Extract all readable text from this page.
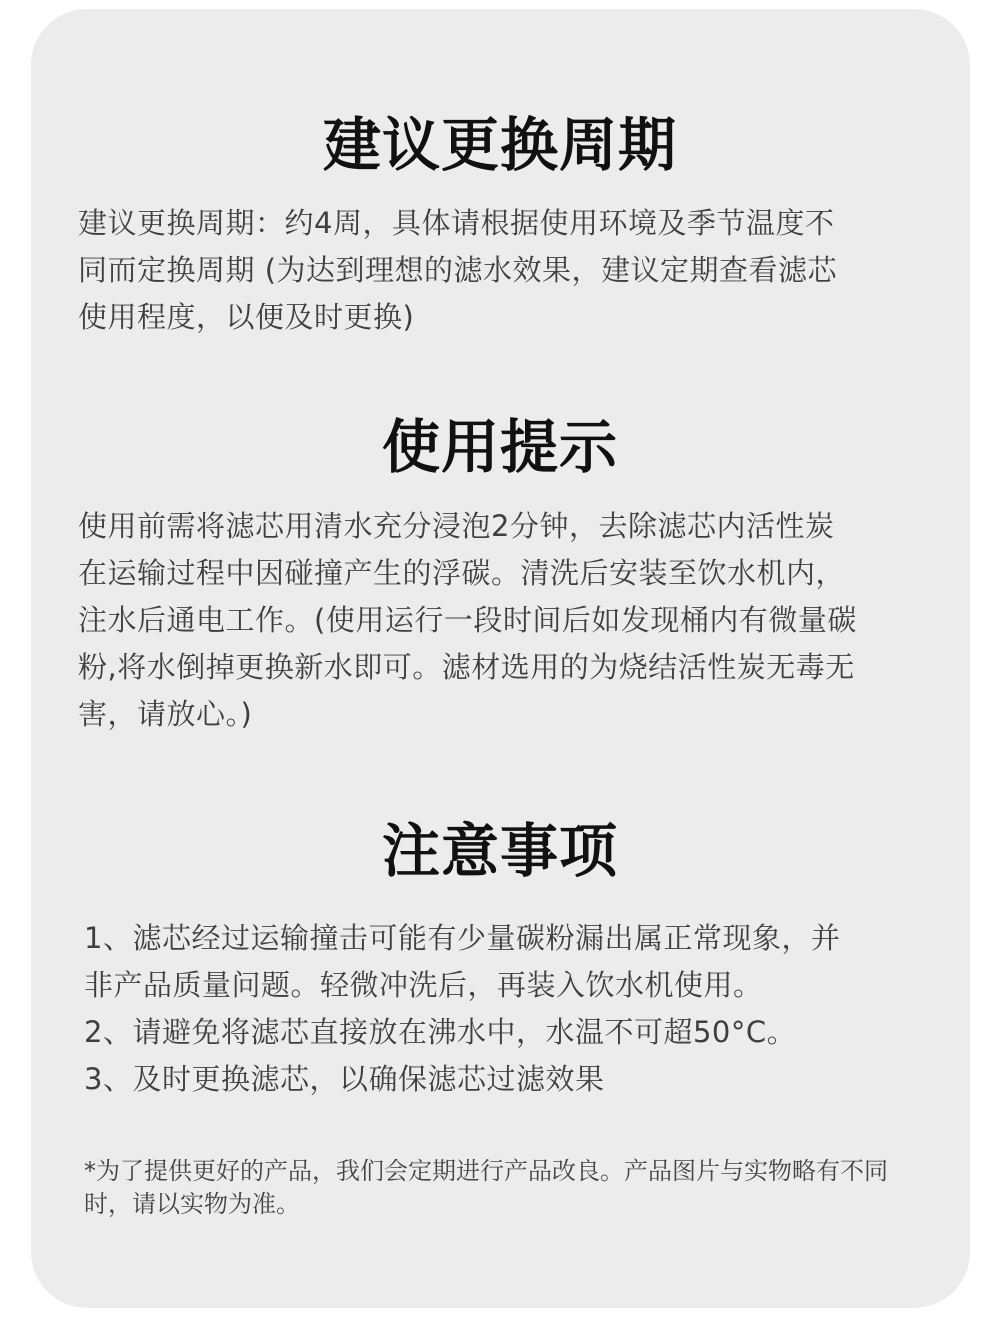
建议更换周期

建议更换周期：约4周，具体请根据使用环境及季节温度不
同而定换周期 (为达到理想的滤水效果，建议定期查看滤芯
使用程度，以便及时更换)

使用提示

使用前需将滤芯用清水充分浸泡2分钟，去除滤芯内活性炭
在运输过程中因碰撞产生的浮碳。清洗后安装至饮水机内，
注水后通电工作。(使用运行一段时间后如发现桶内有微量碳
粉,将水倒掉更换新水即可。滤材选用的为烧结活性炭无毒无
害，请放心。)

注意事项

1、滤芯经过运输撞击可能有少量碳粉漏出属正常现象，并
非产品质量问题。轻微冲洗后，再装入饮水机使用。
2、请避免将滤芯直接放在沸水中，水温不可超50°C。
3、及时更换滤芯，以确保滤芯过滤效果

*为了提供更好的产品，我们会定期进行产品改良。产品图片与实物略有不同
时，请以实物为准。
